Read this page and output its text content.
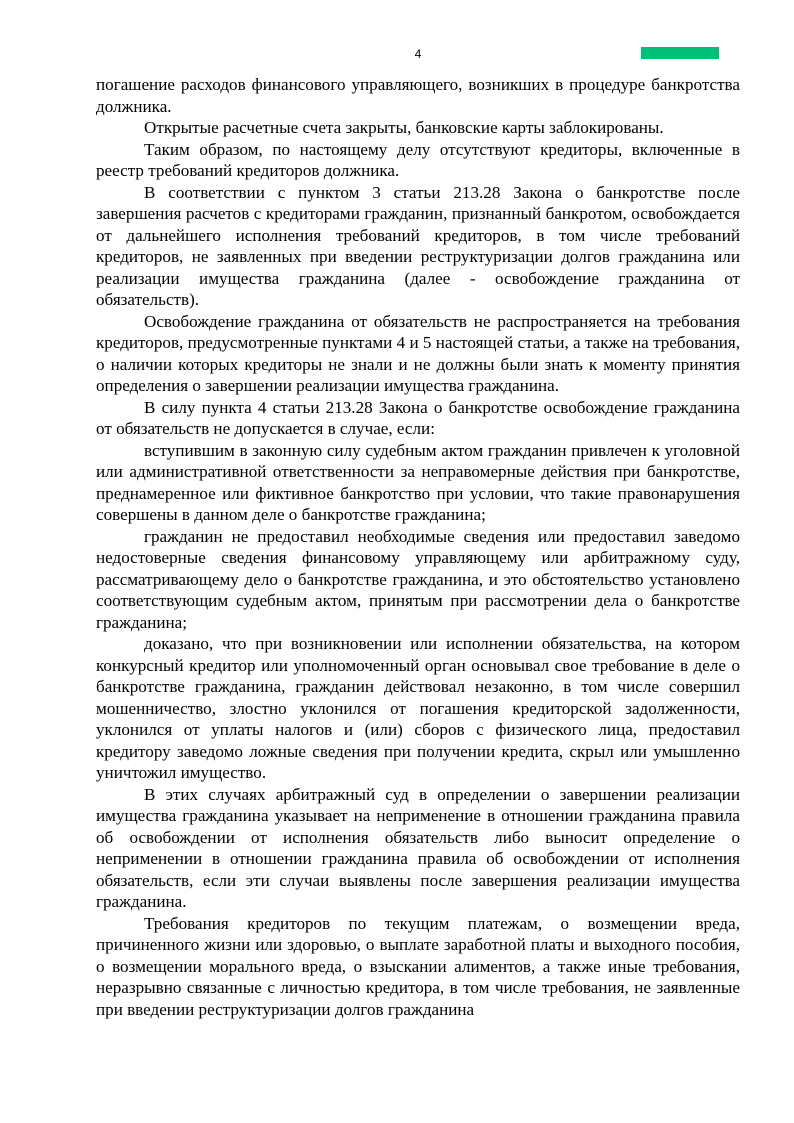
4

погашение расходов финансового управляющего, возникших в процедуре банкротства должника.

Открытые расчетные счета закрыты, банковские карты заблокированы.

Таким образом, по настоящему делу отсутствуют кредиторы, включенные в реестр требований кредиторов должника.

В соответствии с пунктом 3 статьи 213.28 Закона о банкротстве после завершения расчетов с кредиторами гражданин, признанный банкротом, освобождается от дальнейшего исполнения требований кредиторов, в том числе требований кредиторов, не заявленных при введении реструктуризации долгов гражданина или реализации имущества гражданина (далее - освобождение гражданина от обязательств).

Освобождение гражданина от обязательств не распространяется на требования кредиторов, предусмотренные пунктами 4 и 5 настоящей статьи, а также на требования, о наличии которых кредиторы не знали и не должны были знать к моменту принятия определения о завершении реализации имущества гражданина.

В силу пункта 4 статьи 213.28 Закона о банкротстве освобождение гражданина от обязательств не допускается в случае, если:

вступившим в законную силу судебным актом гражданин привлечен к уголовной или административной ответственности за неправомерные действия при банкротстве, преднамеренное или фиктивное банкротство при условии, что такие правонарушения совершены в данном деле о банкротстве гражданина;

гражданин не предоставил необходимые сведения или предоставил заведомо недостоверные сведения финансовому управляющему или арбитражному суду, рассматривающему дело о банкротстве гражданина, и это обстоятельство установлено соответствующим судебным актом, принятым при рассмотрении дела о банкротстве гражданина;

доказано, что при возникновении или исполнении обязательства, на котором конкурсный кредитор или уполномоченный орган основывал свое требование в деле о банкротстве гражданина, гражданин действовал незаконно, в том числе совершил мошенничество, злостно уклонился от погашения кредиторской задолженности, уклонился от уплаты налогов и (или) сборов с физического лица, предоставил кредитору заведомо ложные сведения при получении кредита, скрыл или умышленно уничтожил имущество.

В этих случаях арбитражный суд в определении о завершении реализации имущества гражданина указывает на неприменение в отношении гражданина правила об освобождении от исполнения обязательств либо выносит определение о неприменении в отношении гражданина правила об освобождении от исполнения обязательств, если эти случаи выявлены после завершения реализации имущества гражданина.

Требования кредиторов по текущим платежам, о возмещении вреда, причиненного жизни или здоровью, о выплате заработной платы и выходного пособия, о возмещении морального вреда, о взыскании алиментов, а также иные требования, неразрывно связанные с личностью кредитора, в том числе требования, не заявленные при введении реструктуризации долгов гражданина
